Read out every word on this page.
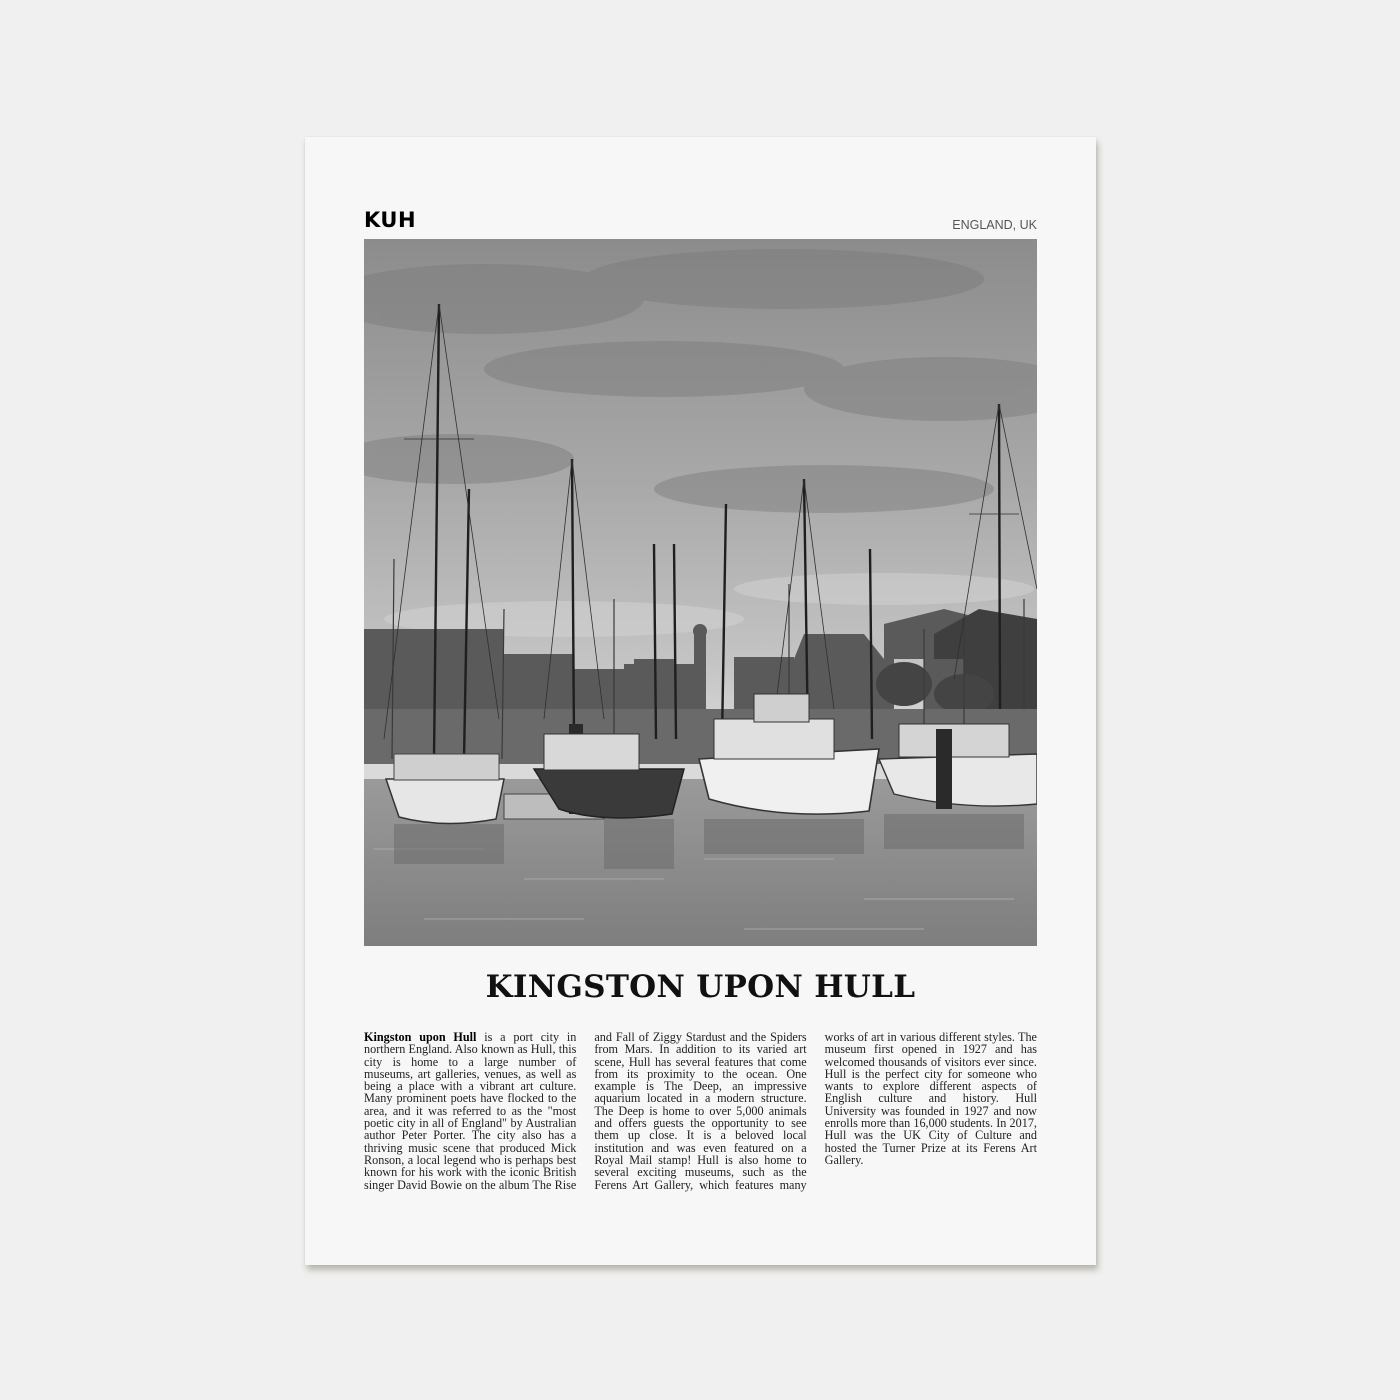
KUH	ENGLAND, UK
KINGSTON UPON HULL
Kingston upon Hull is a port city in northern England. Also known as Hull, this city is home to a large number of museums, art galleries, venues, as well as being a place with a vibrant art culture. Many prominent poets have flocked to the area, and it was referred to as the "most poetic city in all of England" by Australian author Peter Porter. The city also has a thriving music scene that produced Mick Ronson, a local legend who is perhaps best known for his work with the iconic British singer David Bowie on the album The Rise and Fall of Ziggy Stardust and the Spiders from Mars. In addition to its varied art scene, Hull has several features that come from its proximity to the ocean. One example is The Deep, an impressive aquarium located in a modern structure. The Deep is home to over 5,000 animals and offers guests the opportunity to see them up close. It is a beloved local institution and was even featured on a Royal Mail stamp! Hull is also home to several exciting museums, such as the Ferens Art Gallery, which features many works of art in various different styles. The museum first opened in 1927 and has welcomed thousands of visitors ever since. Hull is the perfect city for someone who wants to explore different aspects of English culture and history. Hull University was founded in 1927 and now enrolls more than 16,000 students. In 2017, Hull was the UK City of Culture and hosted the Turner Prize at its Ferens Art Gallery.
